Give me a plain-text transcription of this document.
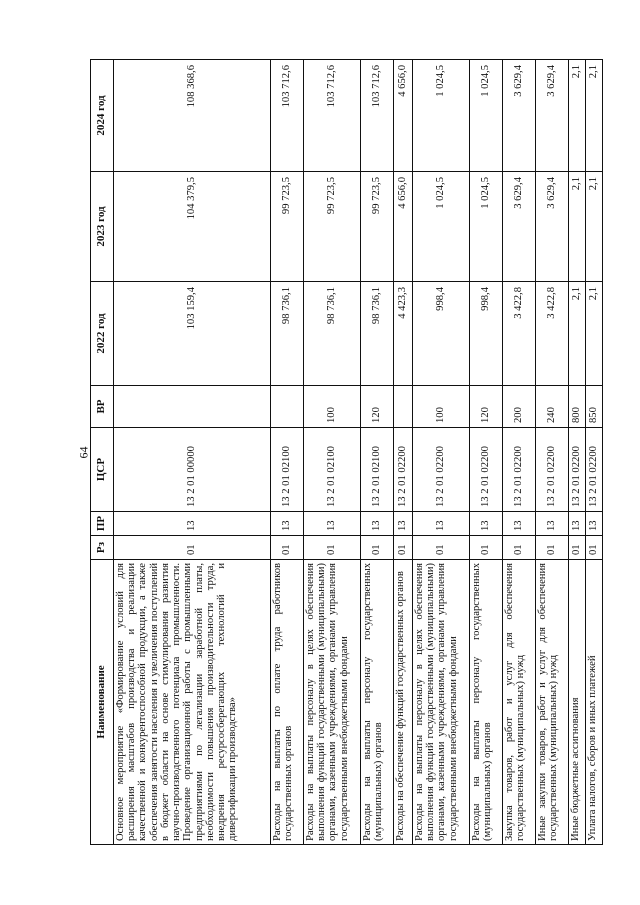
64
Наименование	Рз	ПР	ЦСР	ВР	2022 год	2023 год	2024 год
Основное мероприятие «Формирование условий для расширения масштабов производства и реализации качественной и конкурентоспособной продукции, а также обеспечения занятости населения и увеличения поступлений в бюджет области на основе стимулирования развития научно-производственного потенциала промышленности. Проведение организационной работы с промышленными предприятиями по легализации заработной платы, необходимости повышения производительности труда, внедрения ресурсосберегающих технологий и диверсификации производства»	01	13	13 2 01 00000		103 159,4	104 379,5	108 368,6
Расходы на выплаты по оплате труда работников государственных органов	01	13	13 2 01 02100		98 736,1	99 723,5	103 712,6
Расходы на выплаты персоналу в целях обеспечения выполнения функций государственными (муниципальными) органами, казенными учреждениями, органами управления государственными внебюджетными фондами	01	13	13 2 01 02100	100	98 736,1	99 723,5	103 712,6
Расходы на выплаты персоналу государственных (муниципальных) органов	01	13	13 2 01 02100	120	98 736,1	99 723,5	103 712,6
Расходы на обеспечение функций государственных органов	01	13	13 2 01 02200		4 423,3	4 656,0	4 656,0
Расходы на выплаты персоналу в целях обеспечения выполнения функций государственными (муниципальными) органами, казенными учреждениями, органами управления государственными внебюджетными фондами	01	13	13 2 01 02200	100	998,4	1 024,5	1 024,5
Расходы на выплаты персоналу государственных (муниципальных) органов	01	13	13 2 01 02200	120	998,4	1 024,5	1 024,5
Закупка товаров, работ и услуг для обеспечения государственных (муниципальных) нужд	01	13	13 2 01 02200	200	3 422,8	3 629,4	3 629,4
Иные закупки товаров, работ и услуг для обеспечения государственных (муниципальных) нужд	01	13	13 2 01 02200	240	3 422,8	3 629,4	3 629,4
Иные бюджетные ассигнования	01	13	13 2 01 02200	800	2,1	2,1	2,1
Уплата налогов, сборов и иных платежей	01	13	13 2 01 02200	850	2,1	2,1	2,1
